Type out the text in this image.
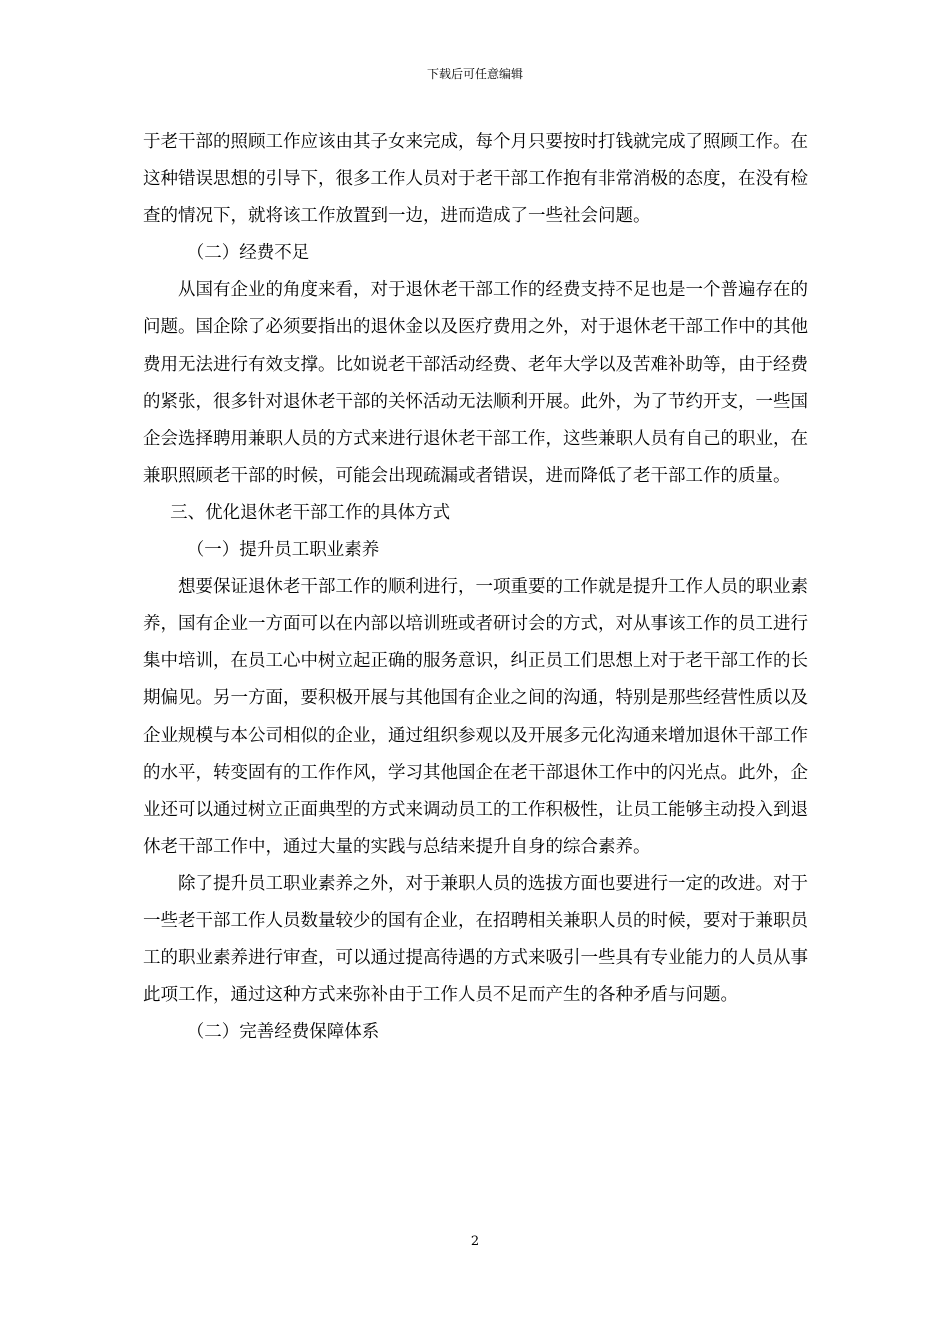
下载后可任意编辑

于老干部的照顾工作应该由其子女来完成，每个月只要按时打钱就完成了照顾工作。在这种错误思想的引导下，很多工作人员对于老干部工作抱有非常消极的态度，在没有检查的情况下，就将该工作放置到一边，进而造成了一些社会问题。

（二）经费不足

从国有企业的角度来看，对于退休老干部工作的经费支持不足也是一个普遍存在的问题。国企除了必须要指出的退休金以及医疗费用之外，对于退休老干部工作中的其他费用无法进行有效支撑。比如说老干部活动经费、老年大学以及苦难补助等，由于经费的紧张，很多针对退休老干部的关怀活动无法顺利开展。此外，为了节约开支，一些国企会选择聘用兼职人员的方式来进行退休老干部工作，这些兼职人员有自己的职业，在兼职照顾老干部的时候，可能会出现疏漏或者错误，进而降低了老干部工作的质量。

三、优化退休老干部工作的具体方式

（一）提升员工职业素养

想要保证退休老干部工作的顺利进行，一项重要的工作就是提升工作人员的职业素养，国有企业一方面可以在内部以培训班或者研讨会的方式，对从事该工作的员工进行集中培训，在员工心中树立起正确的服务意识，纠正员工们思想上对于老干部工作的长期偏见。另一方面，要积极开展与其他国有企业之间的沟通，特别是那些经营性质以及企业规模与本公司相似的企业，通过组织参观以及开展多元化沟通来增加退休干部工作的水平，转变固有的工作作风，学习其他国企在老干部退休工作中的闪光点。此外，企业还可以通过树立正面典型的方式来调动员工的工作积极性，让员工能够主动投入到退休老干部工作中，通过大量的实践与总结来提升自身的综合素养。

除了提升员工职业素养之外，对于兼职人员的选拔方面也要进行一定的改进。对于一些老干部工作人员数量较少的国有企业，在招聘相关兼职人员的时候，要对于兼职员工的职业素养进行审查，可以通过提高待遇的方式来吸引一些具有专业能力的人员从事此项工作，通过这种方式来弥补由于工作人员不足而产生的各种矛盾与问题。

（二）完善经费保障体系

2
